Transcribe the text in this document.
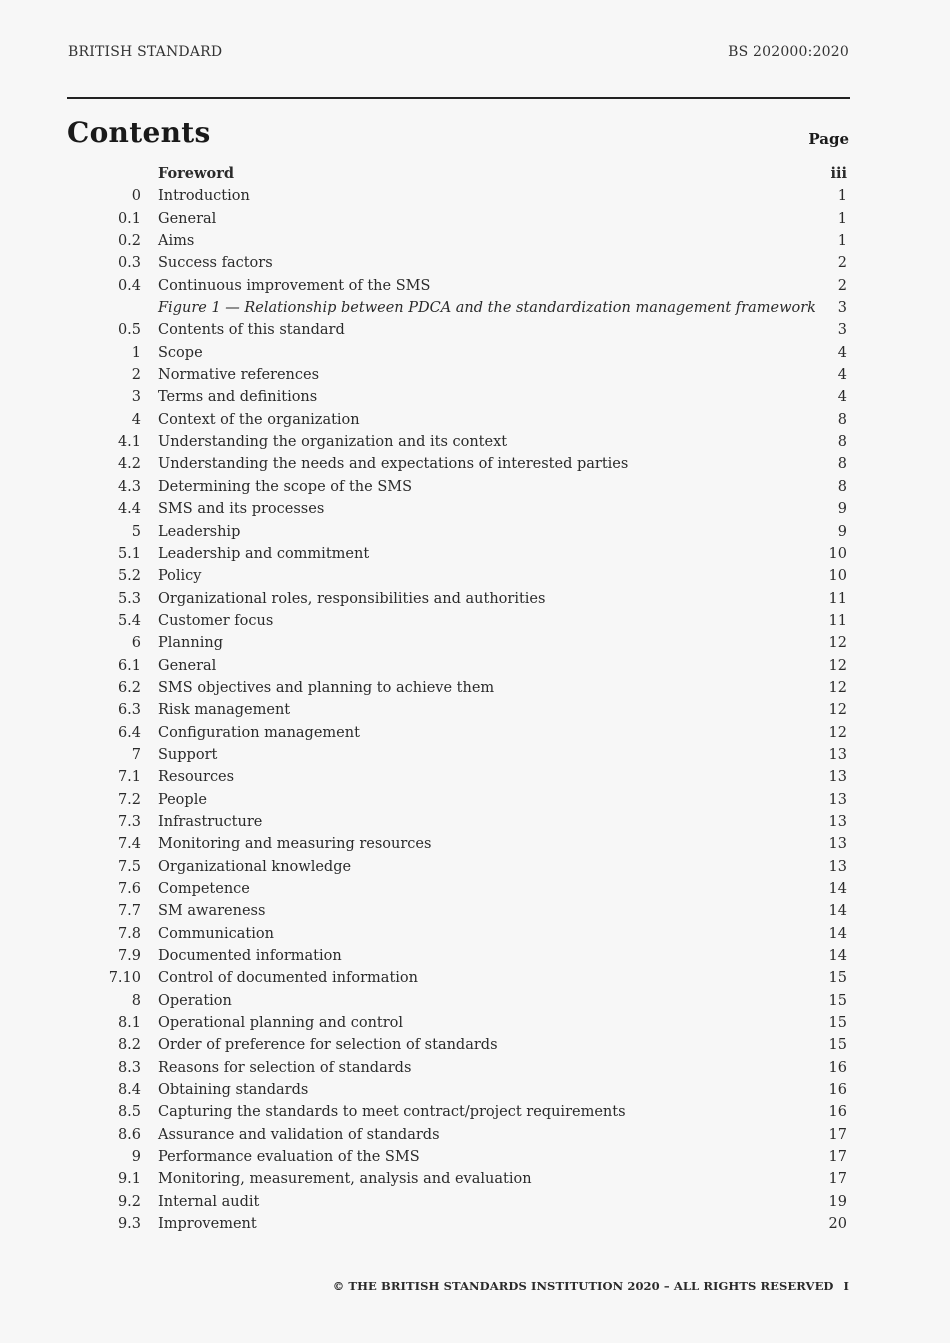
BRITISH STANDARD	BS 202000:2020
Contents	Page
Foreword	iii
0 Introduction	1
0.1 General	1
0.2 Aims	1
0.3 Success factors	2
0.4 Continuous improvement of the SMS	2
Figure 1 — Relationship between PDCA and the standardization management framework 3
0.5 Contents of this standard	3
1 Scope	4
2 Normative references	4
3 Terms and definitions	4
4 Context of the organization	8
4.1 Understanding the organization and its context	8
4.2 Understanding the needs and expectations of interested parties	8
4.3 Determining the scope of the SMS	8
4.4 SMS and its processes	9
5 Leadership	9
5.1 Leadership and commitment	10
5.2 Policy	10
5.3 Organizational roles, responsibilities and authorities	11
5.4 Customer focus	11
6 Planning	12
6.1 General	12
6.2 SMS objectives and planning to achieve them	12
6.3 Risk management	12
6.4 Configuration management	12
7 Support	13
7.1 Resources	13
7.2 People	13
7.3 Infrastructure	13
7.4 Monitoring and measuring resources	13
7.5 Organizational knowledge	13
7.6 Competence	14
7.7 SM awareness	14
7.8 Communication	14
7.9 Documented information	14
7.10 Control of documented information	15
8 Operation	15
8.1 Operational planning and control	15
8.2 Order of preference for selection of standards	15
8.3 Reasons for selection of standards	16
8.4 Obtaining standards	16
8.5 Capturing the standards to meet contract/project requirements	16
8.6 Assurance and validation of standards	17
9 Performance evaluation of the SMS	17
9.1 Monitoring, measurement, analysis and evaluation	17
9.2 Internal audit	19
9.3 Improvement	20
© THE BRITISH STANDARDS INSTITUTION 2020 – ALL RIGHTS RESERVED I
